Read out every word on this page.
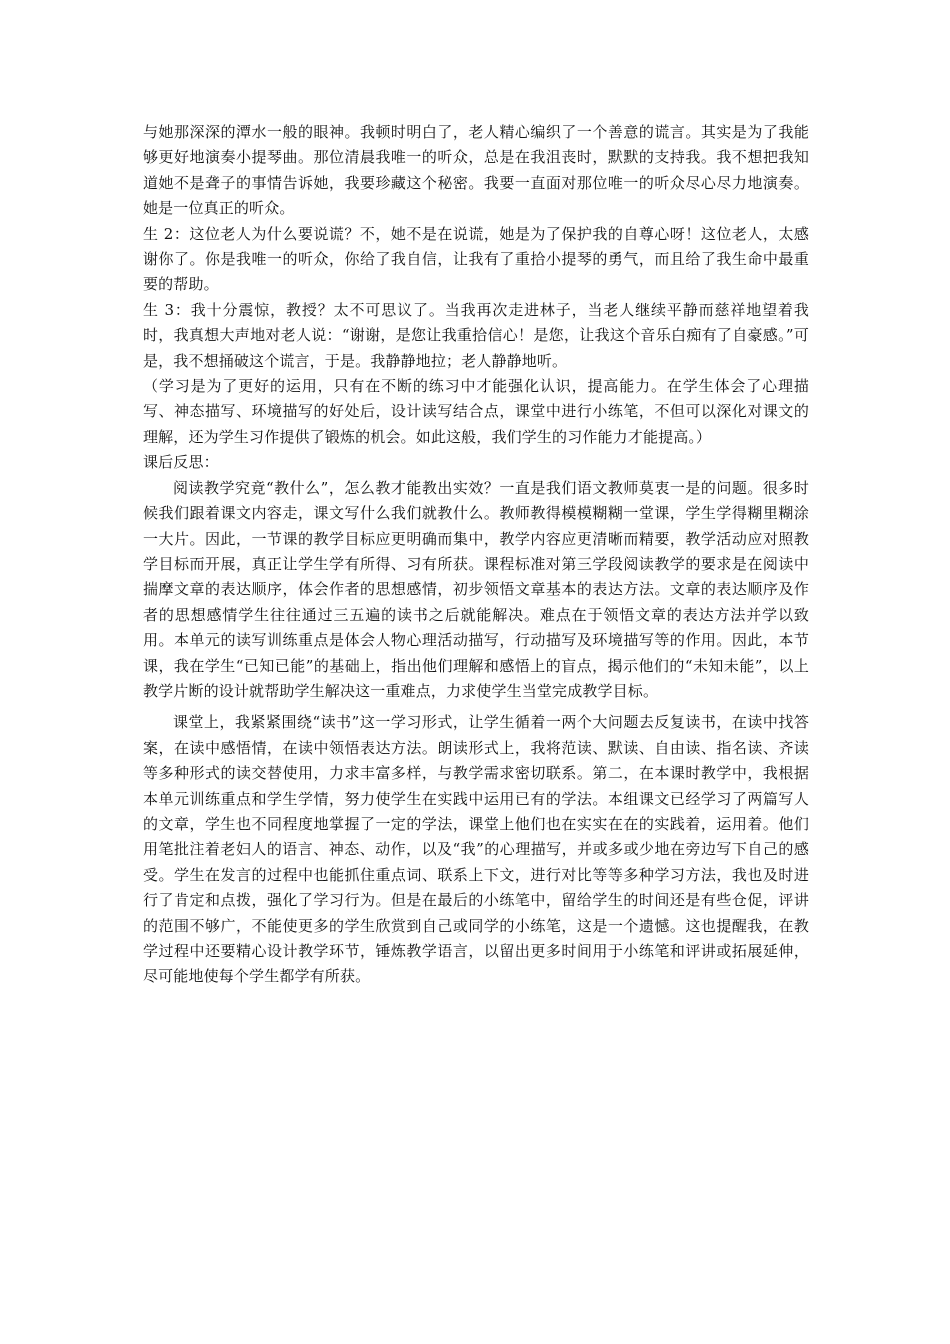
与她那深深的潭水一般的眼神。我顿时明白了，老人精心编织了一个善意的谎言。其实是为了我能够更好地演奏小提琴曲。那位清晨我唯一的听众，总是在我沮丧时，默默的支持我。我不想把我知道她不是聋子的事情告诉她，我要珍藏这个秘密。我要一直面对那位唯一的听众尽心尽力地演奏。她是一位真正的听众。

生 2：这位老人为什么要说谎？不，她不是在说谎，她是为了保护我的自尊心呀！这位老人，太感谢你了。你是我唯一的听众，你给了我自信，让我有了重拾小提琴的勇气，而且给了我生命中最重要的帮助。

生 3：我十分震惊，教授？太不可思议了。当我再次走进林子，当老人继续平静而慈祥地望着我时，我真想大声地对老人说：“谢谢，是您让我重拾信心！是您，让我这个音乐白痴有了自豪感。”可是，我不想捅破这个谎言，于是。我静静地拉；老人静静地听。

（学习是为了更好的运用，只有在不断的练习中才能强化认识，提高能力。在学生体会了心理描写、神态描写、环境描写的好处后，设计读写结合点，课堂中进行小练笔，不但可以深化对课文的理解，还为学生习作提供了锻炼的机会。如此这般，我们学生的习作能力才能提高。）

课后反思：

阅读教学究竟“教什么”，怎么教才能教出实效？一直是我们语文教师莫衷一是的问题。很多时候我们跟着课文内容走，课文写什么我们就教什么。教师教得模模糊糊一堂课，学生学得糊里糊涂一大片。因此，一节课的教学目标应更明确而集中，教学内容应更清晰而精要，教学活动应对照教学目标而开展，真正让学生学有所得、习有所获。课程标准对第三学段阅读教学的要求是在阅读中揣摩文章的表达顺序，体会作者的思想感情，初步领悟文章基本的表达方法。文章的表达顺序及作者的思想感情学生往往通过三五遍的读书之后就能解决。难点在于领悟文章的表达方法并学以致用。本单元的读写训练重点是体会人物心理活动描写，行动描写及环境描写等的作用。因此，本节课，我在学生“已知已能”的基础上，指出他们理解和感悟上的盲点，揭示他们的“未知未能”，以上教学片断的设计就帮助学生解决这一重难点，力求使学生当堂完成教学目标。

课堂上，我紧紧围绕“读书”这一学习形式，让学生循着一两个大问题去反复读书，在读中找答案，在读中感悟情，在读中领悟表达方法。朗读形式上，我将范读、默读、自由读、指名读、齐读等多种形式的读交替使用，力求丰富多样，与教学需求密切联系。第二，在本课时教学中，我根据本单元训练重点和学生学情，努力使学生在实践中运用已有的学法。本组课文已经学习了两篇写人的文章，学生也不同程度地掌握了一定的学法，课堂上他们也在实实在在的实践着，运用着。他们用笔批注着老妇人的语言、神态、动作，以及“我”的心理描写，并或多或少地在旁边写下自己的感受。学生在发言的过程中也能抓住重点词、联系上下文，进行对比等等多种学习方法，我也及时进行了肯定和点拨，强化了学习行为。但是在最后的小练笔中，留给学生的时间还是有些仓促，评讲的范围不够广，不能使更多的学生欣赏到自己或同学的小练笔，这是一个遗憾。这也提醒我，在教学过程中还要精心设计教学环节，锤炼教学语言，以留出更多时间用于小练笔和评讲或拓展延伸，尽可能地使每个学生都学有所获。
